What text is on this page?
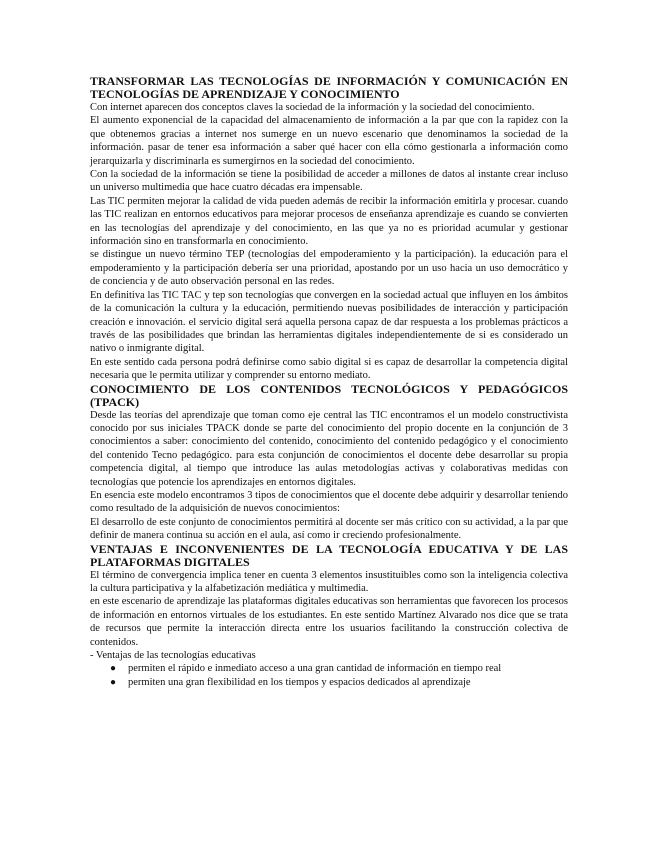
TRANSFORMAR LAS TECNOLOGÍAS DE INFORMACIÓN Y COMUNICACIÓN EN TECNOLOGÍAS DE APRENDIZAJE Y CONOCIMIENTO

Con internet aparecen dos conceptos claves la sociedad de la información y la sociedad del conocimiento.

El aumento exponencial de la capacidad del almacenamiento de información a la par que con la rapidez con la que obtenemos gracias a internet nos sumerge en un nuevo escenario que denominamos la sociedad de la información. pasar de tener esa información a saber qué hacer con ella cómo gestionarla a información como jerarquizarla y discriminarla es sumergirnos en la sociedad del conocimiento.

Con la sociedad de la información se tiene la posibilidad de acceder a millones de datos al instante crear incluso un universo multimedia que hace cuatro décadas era impensable.

Las TIC permiten mejorar la calidad de vida pueden además de recibir la información emitirla y procesar. cuando las TIC realizan en entornos educativos para mejorar procesos de enseñanza aprendizaje es cuando se convierten en las tecnologías del aprendizaje y del conocimiento, en las que ya no es prioridad acumular y gestionar información sino en transformarla en conocimiento.

se distingue un nuevo término TEP (tecnologías del empoderamiento y la participación). la educación para el empoderamiento y la participación debería ser una prioridad, apostando por un uso hacia un uso democrático y de conciencia y de auto observación personal en las redes.

En definitiva las TIC TAC y tep son tecnologías que convergen en la sociedad actual que influyen en los ámbitos de la comunicación la cultura y la educación, permitiendo nuevas posibilidades de interacción y participación creación e innovación. el servicio digital será aquella persona capaz de dar respuesta a los problemas prácticos a través de las posibilidades que brindan las herramientas digitales independientemente de si es considerado un nativo o inmigrante digital.

En este sentido cada persona podrá definirse como sabio digital si es capaz de desarrollar la competencia digital necesaria que le permita utilizar y comprender su entorno mediato.

CONOCIMIENTO DE LOS CONTENIDOS TECNOLÓGICOS Y PEDAGÓGICOS (TPACK)

Desde las teorías del aprendizaje que toman como eje central las TIC encontramos el un modelo constructivista conocido por sus iniciales TPACK donde se parte del conocimiento del propio docente en la conjunción de 3 conocimientos a saber: conocimiento del contenido, conocimiento del contenido pedagógico y el conocimiento del contenido Tecno pedagógico. para esta conjunción de conocimientos el docente debe desarrollar su propia competencia digital, al tiempo que introduce las aulas metodologías activas y colaborativas medidas con tecnologías que potencie los aprendizajes en entornos digitales.

En esencia este modelo encontramos 3 tipos de conocimientos que el docente debe adquirir y desarrollar teniendo como resultado de la adquisición de nuevos conocimientos:

El desarrollo de este conjunto de conocimientos permitirá al docente ser más crítico con su actividad, a la par que definir de manera continua su acción en el aula, así como ir creciendo profesionalmente.

VENTAJAS E INCONVENIENTES DE LA TECNOLOGÍA EDUCATIVA Y DE LAS PLATAFORMAS DIGITALES

El término de convergencia implica tener en cuenta 3 elementos insustituibles como son la inteligencia colectiva la cultura participativa y la alfabetización mediática y multimedia.

en este escenario de aprendizaje las plataformas digitales educativas son herramientas que favorecen los procesos de información en entornos virtuales de los estudiantes. En este sentido Martínez Alvarado nos dice que se trata de recursos que permite la interacción directa entre los usuarios facilitando la construcción colectiva de contenidos.

- Ventajas de las tecnologías educativas

● permiten el rápido e inmediato acceso a una gran cantidad de información en tiempo real
● permiten una gran flexibilidad en los tiempos y espacios dedicados al aprendizaje
